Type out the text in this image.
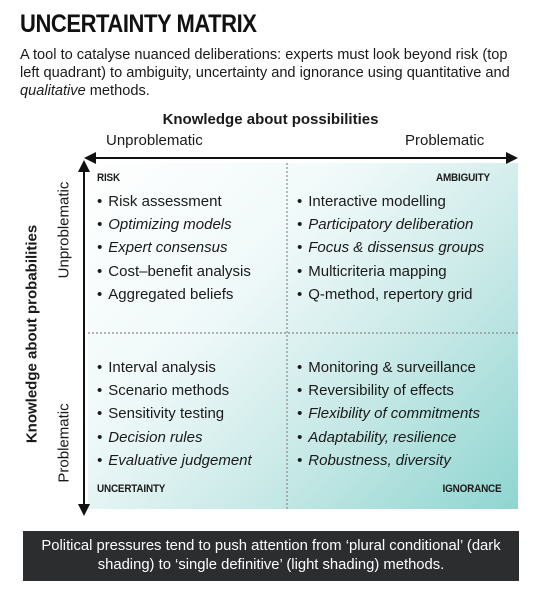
UNCERTAINTY MATRIX
A tool to catalyse nuanced deliberations: experts must look beyond risk (top left quadrant) to ambiguity, uncertainty and ignorance using quantitative and qualitative methods.
Knowledge about possibilities
Unproblematic	Problematic
Knowledge about probabilities Unproblematic
Problematic
RISK	AMBIGUITY
UNCERTAINTY	IGNORANCE
• Risk assessment
• Optimizing models
• Expert consensus
• Cost–benefit analysis
• Aggregated beliefs
• Interactive modelling
• Participatory deliberation
• Focus & dissensus groups
• Multicriteria mapping
• Q-method, repertory grid
• Interval analysis
• Scenario methods
• Sensitivity testing
• Decision rules
• Evaluative judgement
• Monitoring & surveillance
• Reversibility of effects
• Flexibility of commitments
• Adaptability, resilience
• Robustness, diversity
Political pressures tend to push attention from ‘plural conditional’ (dark shading) to ‘single definitive’ (light shading) methods.
